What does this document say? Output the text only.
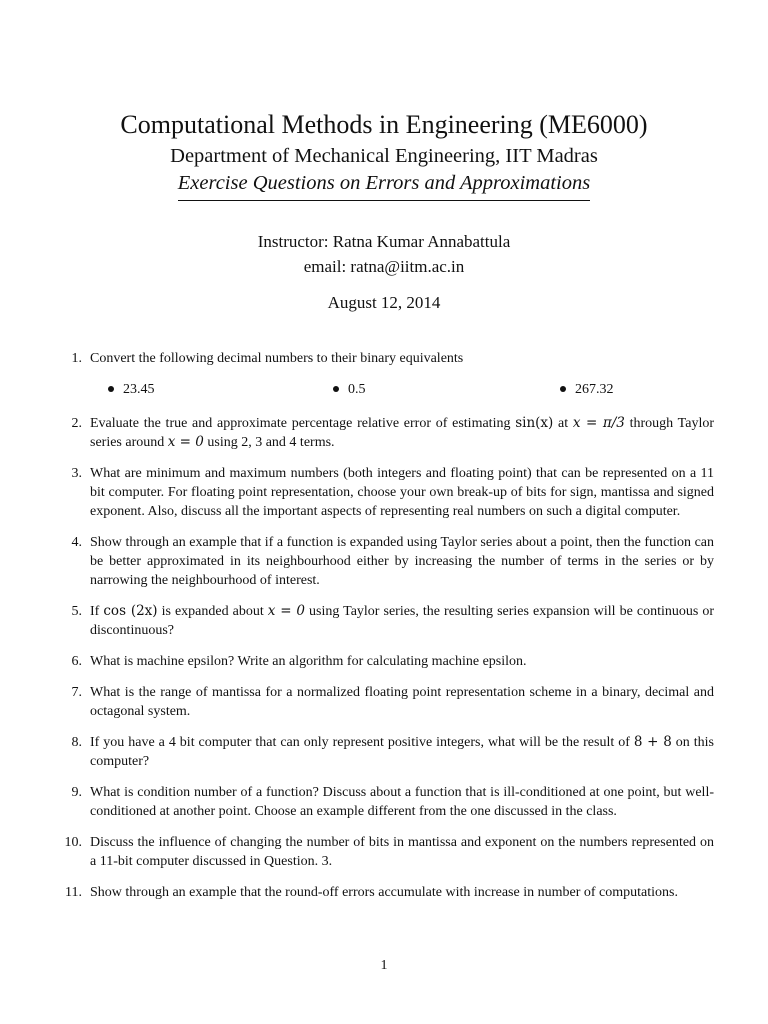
Computational Methods in Engineering (ME6000)
Department of Mechanical Engineering, IIT Madras
Exercise Questions on Errors and Approximations
Instructor: Ratna Kumar Annabattula
email: ratna@iitm.ac.in
August 12, 2014
1. Convert the following decimal numbers to their binary equivalents
23.45	0.5	267.32
2. Evaluate the true and approximate percentage relative error of estimating sin(x) at x = π/3 through Taylor series around x = 0 using 2, 3 and 4 terms.
3. What are minimum and maximum numbers (both integers and floating point) that can be represented on a 11 bit computer. For floating point representation, choose your own break-up of bits for sign, mantissa and signed exponent. Also, discuss all the important aspects of representing real numbers on such a digital computer.
4. Show through an example that if a function is expanded using Taylor series about a point, then the function can be better approximated in its neighbourhood either by increasing the number of terms in the series or by narrowing the neighbourhood of interest.
5. If cos (2x) is expanded about x = 0 using Taylor series, the resulting series expansion will be continuous or discontinuous?
6. What is machine epsilon? Write an algorithm for calculating machine epsilon.
7. What is the range of mantissa for a normalized floating point representation scheme in a binary, decimal and octagonal system.
8. If you have a 4 bit computer that can only represent positive integers, what will be the result of 8 + 8 on this computer?
9. What is condition number of a function? Discuss about a function that is ill-conditioned at one point, but well-conditioned at another point. Choose an example different from the one discussed in the class.
10. Discuss the influence of changing the number of bits in mantissa and exponent on the numbers represented on a 11-bit computer discussed in Question. 3.
11. Show through an example that the round-off errors accumulate with increase in number of computations.
1
